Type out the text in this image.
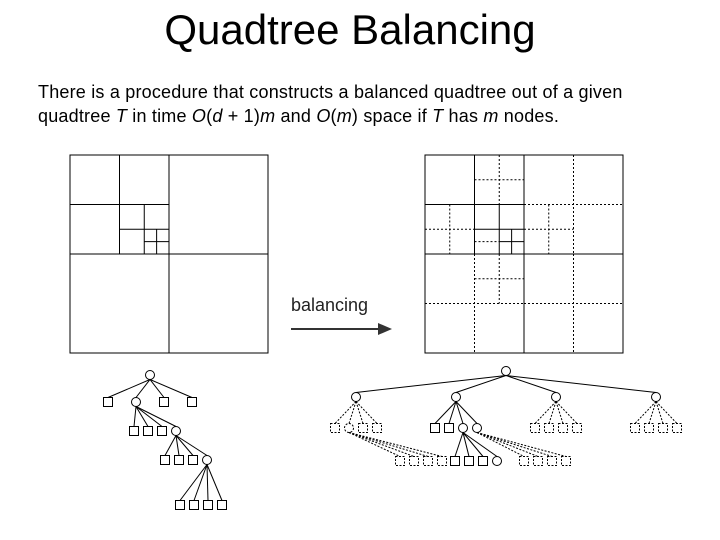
Quadtree Balancing
There is a procedure that constructs a balanced quadtree out of a given
quadtree T in time O(d + 1)m and O(m) space if T has m nodes.
balancing
